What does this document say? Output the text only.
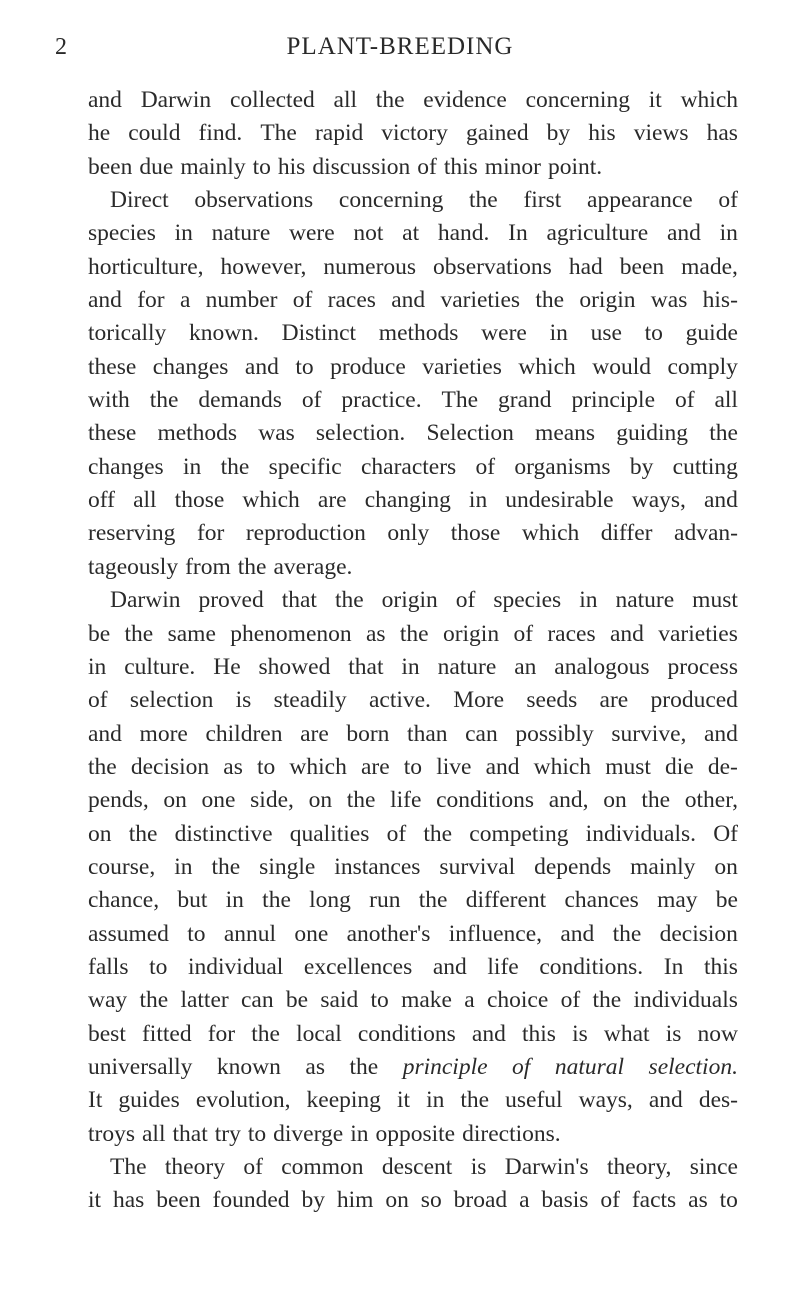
2	PLANT-BREEDING
and Darwin collected all the evidence concerning it which
he could find. The rapid victory gained by his views has
been due mainly to his discussion of this minor point.
Direct observations concerning the first appearance of
species in nature were not at hand. In agriculture and in
horticulture, however, numerous observations had been made,
and for a number of races and varieties the origin was his-
torically known. Distinct methods were in use to guide
these changes and to produce varieties which would comply
with the demands of practice. The grand principle of all
these methods was selection. Selection means guiding the
changes in the specific characters of organisms by cutting
off all those which are changing in undesirable ways, and
reserving for reproduction only those which differ advan-
tageously from the average.
Darwin proved that the origin of species in nature must
be the same phenomenon as the origin of races and varieties
in culture. He showed that in nature an analogous process
of selection is steadily active. More seeds are produced
and more children are born than can possibly survive, and
the decision as to which are to live and which must die de-
pends, on one side, on the life conditions and, on the other,
on the distinctive qualities of the competing individuals. Of
course, in the single instances survival depends mainly on
chance, but in the long run the different chances may be
assumed to annul one another's influence, and the decision
falls to individual excellences and life conditions. In this
way the latter can be said to make a choice of the individuals
best fitted for the local conditions and this is what is now
universally known as the principle of natural selection.
It guides evolution, keeping it in the useful ways, and des-
troys all that try to diverge in opposite directions.
The theory of common descent is Darwin's theory, since
it has been founded by him on so broad a basis of facts as to
